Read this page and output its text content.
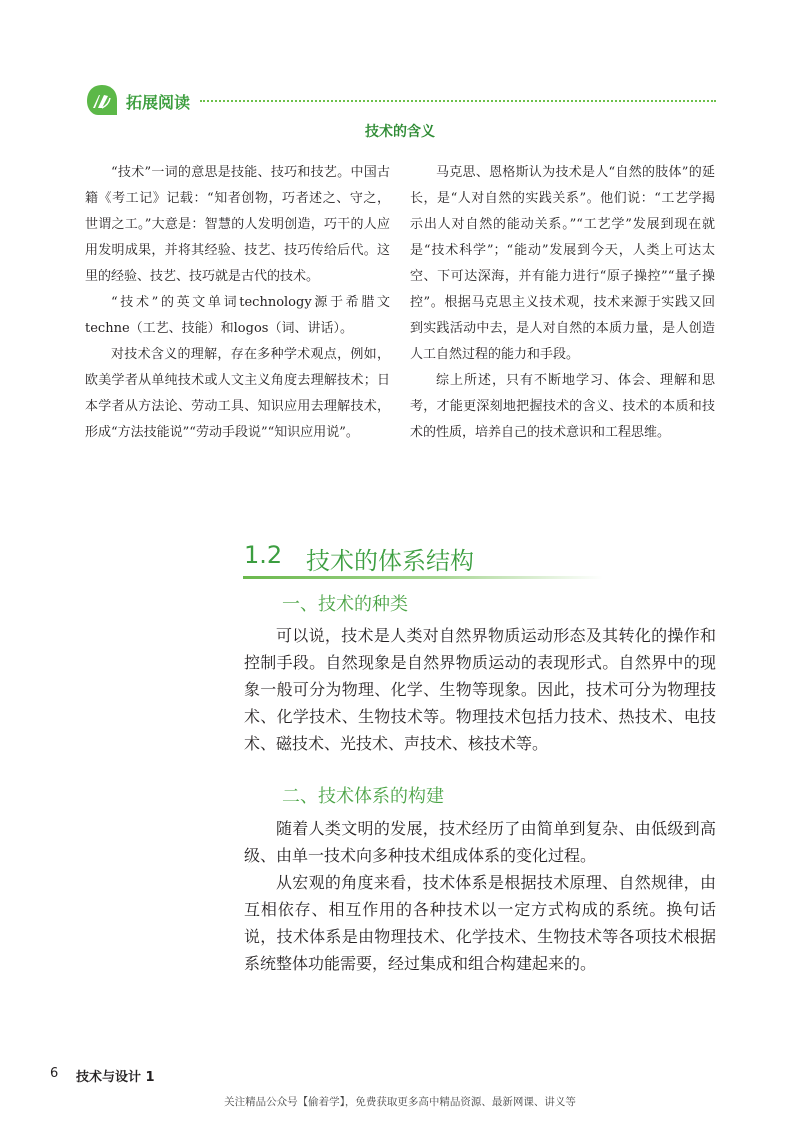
拓展阅读
技术的含义

“技术”一词的意思是技能、技巧和技艺。中国古籍《考工记》记载：“知者创物，巧者述之、守之，世谓之工。”大意是：智慧的人发明创造，巧干的人应用发明成果，并将其经验、技艺、技巧传给后代。这里的经验、技艺、技巧就是古代的技术。

“技术”的英文单词technology源于希腊文techne（工艺、技能）和logos（词、讲话）。

对技术含义的理解，存在多种学术观点，例如，欧美学者从单纯技术或人文主义角度去理解技术；日本学者从方法论、劳动工具、知识应用去理解技术，形成“方法技能说”“劳动手段说”“知识应用说”。

马克思、恩格斯认为技术是人“自然的肢体”的延长，是“人对自然的实践关系”。他们说：“工艺学揭示出人对自然的能动关系。”“工艺学”发展到现在就是“技术科学”；“能动”发展到今天，人类上可达太空、下可达深海，并有能力进行“原子操控”“量子操控”。根据马克思主义技术观，技术来源于实践又回到实践活动中去，是人对自然的本质力量，是人创造人工自然过程的能力和手段。

综上所述，只有不断地学习、体会、理解和思考，才能更深刻地把握技术的含义、技术的本质和技术的性质，培养自己的技术意识和工程思维。

1.2 技术的体系结构
一、技术的种类

可以说，技术是人类对自然界物质运动形态及其转化的操作和控制手段。自然现象是自然界物质运动的表现形式。自然界中的现象一般可分为物理、化学、生物等现象。因此，技术可分为物理技术、化学技术、生物技术等。物理技术包括力技术、热技术、电技术、磁技术、光技术、声技术、核技术等。

二、技术体系的构建

随着人类文明的发展，技术经历了由简单到复杂、由低级到高级、由单一技术向多种技术组成体系的变化过程。

从宏观的角度来看，技术体系是根据技术原理、自然规律，由互相依存、相互作用的各种技术以一定方式构成的系统。换句话说，技术体系是由物理技术、化学技术、生物技术等各项技术根据系统整体功能需要，经过集成和组合构建起来的。

6 技术与设计 1
关注精品公众号【偷着学】，免费获取更多高中精品资源、最新网课、讲义等
